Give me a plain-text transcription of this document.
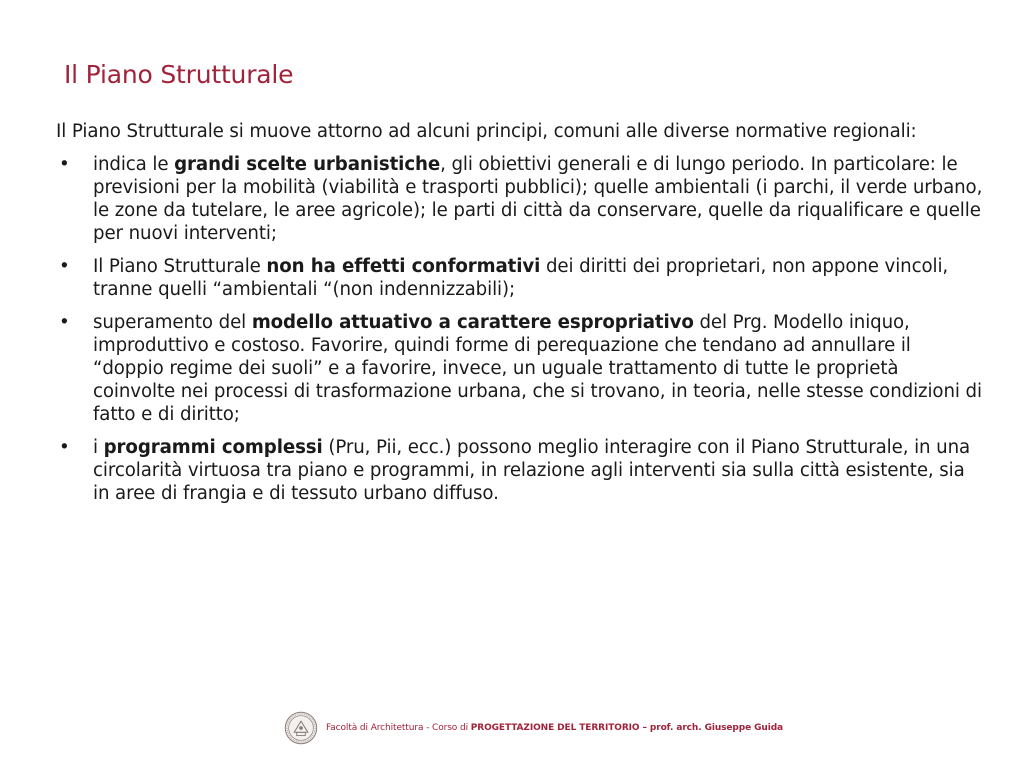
Il Piano Strutturale

Il Piano Strutturale si muove attorno ad alcuni principi, comuni alle diverse normative regionali:

• indica le grandi scelte urbanistiche, gli obiettivi generali e di lungo periodo. In particolare: le previsioni per la mobilità (viabilità e trasporti pubblici); quelle ambientali (i parchi, il verde urbano, le zone da tutelare, le aree agricole); le parti di città da conservare, quelle da riqualificare e quelle per nuovi interventi;
• Il Piano Strutturale non ha effetti conformativi dei diritti dei proprietari, non appone vincoli, tranne quelli “ambientali “(non indennizzabili);
• superamento del modello attuativo a carattere espropriativo del Prg. Modello iniquo, improduttivo e costoso. Favorire, quindi forme di perequazione che tendano ad annullare il “doppio regime dei suoli” e a favorire, invece, un uguale trattamento di tutte le proprietà coinvolte nei processi di trasformazione urbana, che si trovano, in teoria, nelle stesse condizioni di fatto e di diritto;
• i programmi complessi (Pru, Pii, ecc.) possono meglio interagire con il Piano Strutturale, in una circolarità virtuosa tra piano e programmi, in relazione agli interventi sia sulla città esistente, sia in aree di frangia e di tessuto urbano diffuso.
Facoltà di Architettura - Corso di PROGETTAZIONE DEL TERRITORIO – prof. arch. Giuseppe Guida
